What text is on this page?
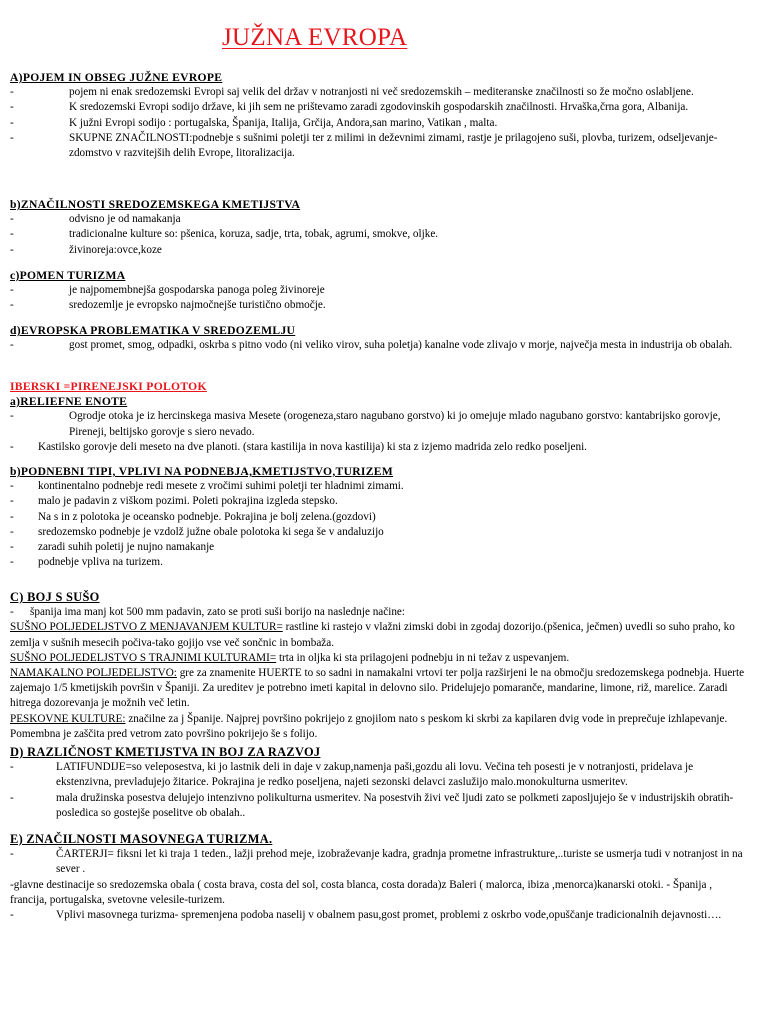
JUŽNA EVROPA
A)POJEM IN OBSEG JUŽNE EVROPE
-	pojem ni enak sredozemski Evropi saj velik del držav v notranjosti ni več sredozemskih – mediteranske značilnosti so že močno oslabljene.
-	K sredozemski Evropi sodijo države, ki jih sem ne prištevamo zaradi zgodovinskih gospodarskih značilnosti. Hrvaška,črna gora, Albanija.
-	K južni Evropi sodijo : portugalska, Španija, Italija, Grčija, Andora,san marino, Vatikan , malta.
-	SKUPNE ZNAČILNOSTI:podnebje s sušnimi poletji ter z milimi in deževnimi zimami, rastje je prilagojeno suši, plovba, turizem, odseljevanje-zdomstvo v razvitejših delih Evrope, litoralizacija.
b)ZNAČILNOSTI SREDOZEMSKEGA KMETIJSTVA
-	odvisno je od namakanja
-	tradicionalne kulture so: pšenica, koruza, sadje, trta, tobak, agrumi, smokve, oljke.
-	živinoreja:ovce,koze
c)POMEN TURIZMA
-	je najpomembnejša gospodarska panoga poleg živinoreje
-	sredozemlje je evropsko najmočnejše turistično območje.
d)EVROPSKA PROBLEMATIKA V SREDOZEMLJU
-	gost promet, smog, odpadki, oskrba s pitno vodo (ni veliko virov, suha poletja) kanalne vode zlivajo v morje, največja mesta in industrija ob obalah.
IBERSKI =PIRENEJSKI POLOTOK
a)RELIEFNE ENOTE
-	Ogrodje otoka je iz hercinskega masiva Mesete (orogeneza,staro nagubano gorstvo) ki jo omejuje mlado nagubano gorstvo: kantabrijsko gorovje, Pireneji, beltijsko gorovje s siero nevado.
-	Kastilsko gorovje deli meseto na dve planoti. (stara kastilija in nova kastilija) ki sta z izjemo madrida zelo redko poseljeni.
b)PODNEBNI TIPI, VPLIVI NA PODNEBJA,KMETIJSTVO,TURIZEM
-	kontinentalno podnebje redi mesete z vročimi suhimi poletji ter hladnimi zimami.
-	malo je padavin z viškom pozimi. Poleti pokrajina izgleda stepsko.
-	Na s in z polotoka je oceansko podnebje. Pokrajina je bolj zelena.(gozdovi)
-	sredozemsko podnebje je vzdolž južne obale polotoka ki sega še v andaluzijo
-	zaradi suhih poletij je nujno namakanje
-	podnebje vpliva na turizem.
C) BOJ S SUŠO
-	španija ima manj kot 500 mm padavin, zato se proti suši borijo na naslednje načine:

SUŠNO POLJEDELJSTVO Z MENJAVANJEM KULTUR= rastline ki rastejo v vlažni zimski dobi in zgodaj dozorijo.(pšenica, ječmen) uvedli so suho praho, ko zemlja v sušnih mesecih počiva-tako gojijo vse več sončnic in bombaža.

SUŠNO POLJEDELJSTVO S TRAJNIMI KULTURAMI= trta in oljka ki sta prilagojeni podnebju in ni težav z uspevanjem.

NAMAKALNO POLJEDELJSTVO: gre za znamenite HUERTE to so sadni in namakalni vrtovi ter polja razširjeni le na območju sredozemskega podnebja. Huerte zajemajo 1/5 kmetijskih površin v Španiji. Za ureditev je potrebno imeti kapital in delovno silo. Pridelujejo pomaranče, mandarine, limone, riž, marelice. Zaradi hitrega dozorevanja je možnih več letin.

PESKOVNE KULTURE: značilne za j Španije. Najprej površino pokrijejo z gnojilom nato s peskom ki skrbi za kapilaren dvig vode in preprečuje izhlapevanje. Pomembna je zaščita pred vetrom zato površino pokrijejo še s folijo.

D) RAZLIČNOST KMETIJSTVA IN BOJ ZA RAZVOJ
-	LATIFUNDIJE=so veleposestva, ki jo lastnik deli in daje v zakup,namenja paši,gozdu ali lovu. Večina teh posesti je v notranjosti, pridelava je ekstenzivna, prevladujejo žitarice. Pokrajina je redko poseljena, najeti sezonski delavci zaslužijo malo.monokulturna usmeritev.
-	mala družinska posestva delujejo intenzivno polikulturna usmeritev. Na posestvih živi več ljudi zato se polkmeti zaposljujejo še v industrijskih obratih- posledica so gostejše poselitve ob obalah..
E) ZNAČILNOSTI MASOVNEGA TURIZMA.
-	ČARTERJI= fiksni let ki traja 1 teden., lažji prehod meje, izobraževanje kadra, gradnja prometne infrastrukture,..turiste se usmerja tudi v notranjost in na sever .

-glavne destinacije so sredozemska obala ( costa brava, costa del sol, costa blanca, costa dorada)z Baleri ( malorca, ibiza ,menorca)kanarski otoki. - Španija , francija, portugalska, svetovne velesile-turizem.

-	Vplivi masovnega turizma- spremenjena podoba naselij v obalnem pasu,gost promet, problemi z oskrbo vode,opuščanje tradicionalnih dejavnosti….
